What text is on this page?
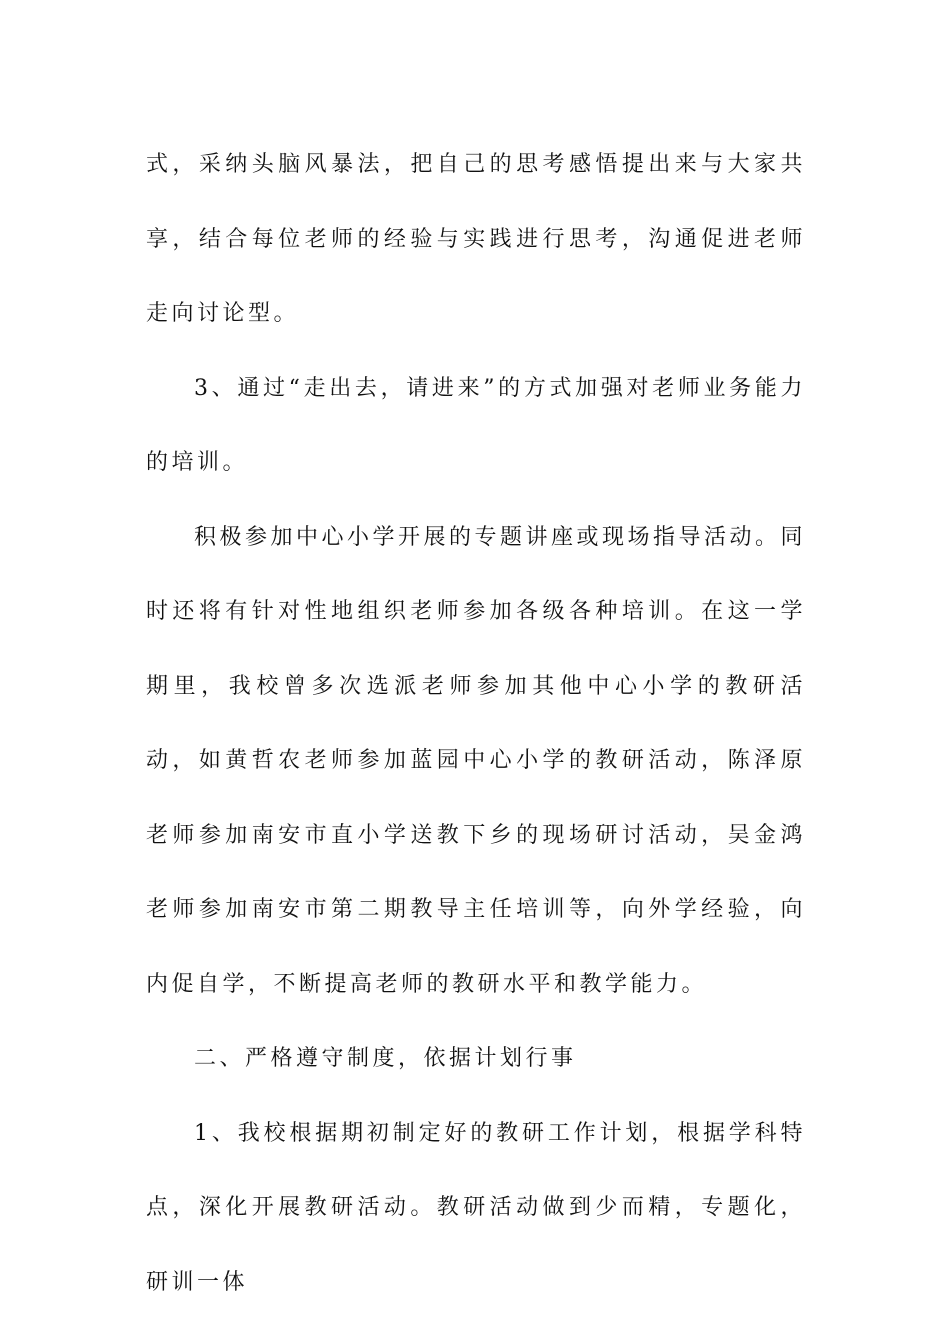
式，采纳头脑风暴法，把自己的思考感悟提出来与大家共享，结合每位老师的经验与实践进行思考，沟通促进老师走向讨论型。

3、通过“走出去，请进来”的方式加强对老师业务能力的培训。

积极参加中心小学开展的专题讲座或现场指导活动。同时还将有针对性地组织老师参加各级各种培训。在这一学期里，我校曾多次选派老师参加其他中心小学的教研活动，如黄哲农老师参加蓝园中心小学的教研活动，陈泽原老师参加南安市直小学送教下乡的现场研讨活动，吴金鸿老师参加南安市第二期教导主任培训等，向外学经验，向内促自学，不断提高老师的教研水平和教学能力。

二、严格遵守制度，依据计划行事

1、我校根据期初制定好的教研工作计划，根据学科特点，深化开展教研活动。教研活动做到少而精，专题化，研训一体
